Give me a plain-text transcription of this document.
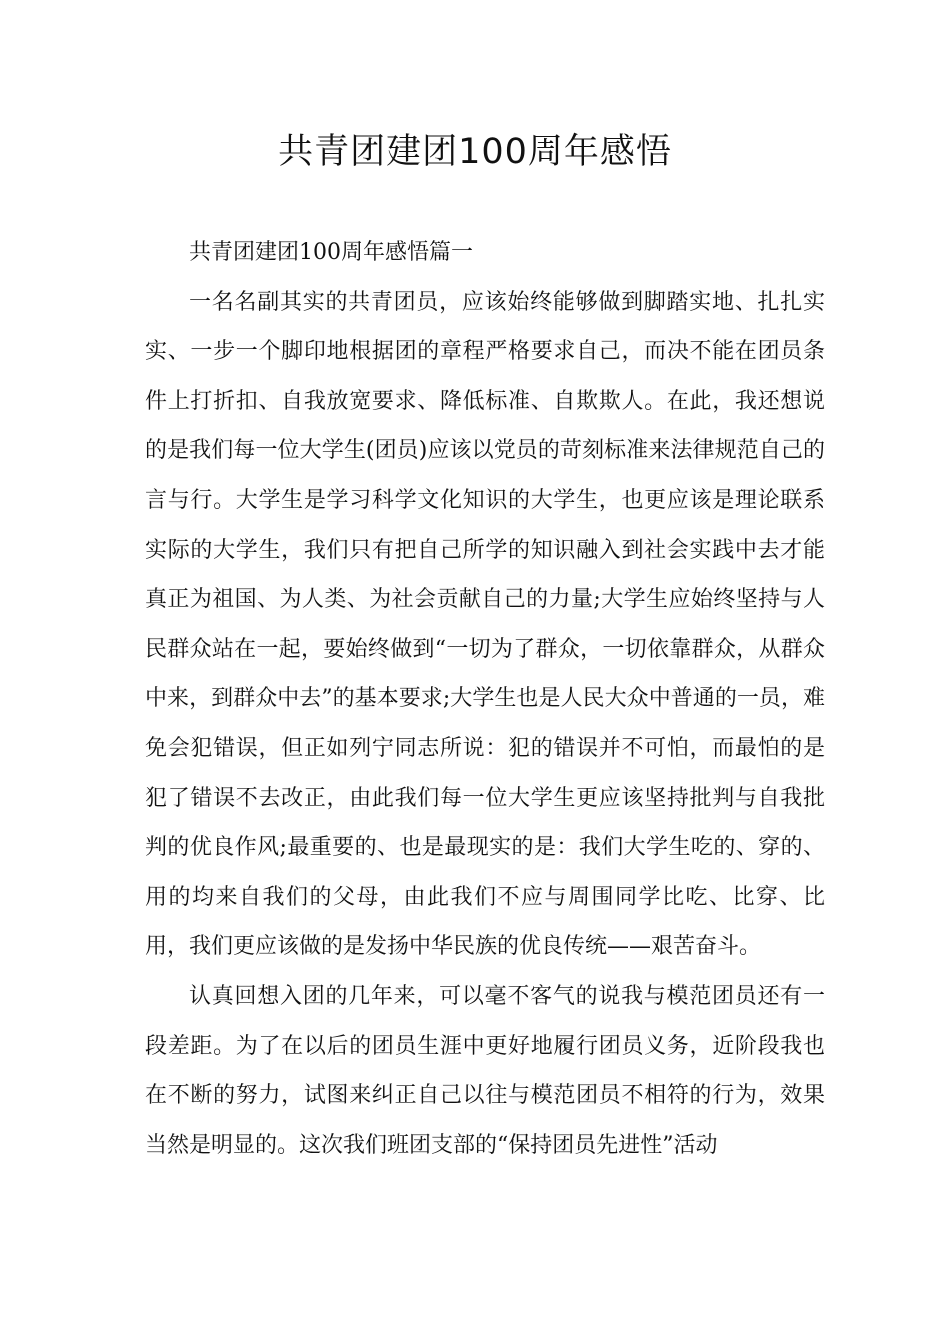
共青团建团100周年感悟

共青团建团100周年感悟篇一

一名名副其实的共青团员，应该始终能够做到脚踏实地、扎扎实实、一步一个脚印地根据团的章程严格要求自己，而决不能在团员条件上打折扣、自我放宽要求、降低标准、自欺欺人。在此，我还想说的是我们每一位大学生(团员)应该以党员的苛刻标准来法律规范自己的言与行。大学生是学习科学文化知识的大学生，也更应该是理论联系实际的大学生，我们只有把自己所学的知识融入到社会实践中去才能真正为祖国、为人类、为社会贡献自己的力量;大学生应始终坚持与人民群众站在一起，要始终做到“一切为了群众，一切依靠群众，从群众中来，到群众中去”的基本要求;大学生也是人民大众中普通的一员，难免会犯错误，但正如列宁同志所说：犯的错误并不可怕，而最怕的是犯了错误不去改正，由此我们每一位大学生更应该坚持批判与自我批判的优良作风;最重要的、也是最现实的是：我们大学生吃的、穿的、用的均来自我们的父母，由此我们不应与周围同学比吃、比穿、比用，我们更应该做的是发扬中华民族的优良传统——艰苦奋斗。

认真回想入团的几年来，可以毫不客气的说我与模范团员还有一段差距。为了在以后的团员生涯中更好地履行团员义务，近阶段我也在不断的努力，试图来纠正自己以往与模范团员不相符的行为，效果当然是明显的。这次我们班团支部的“保持团员先进性”活动
